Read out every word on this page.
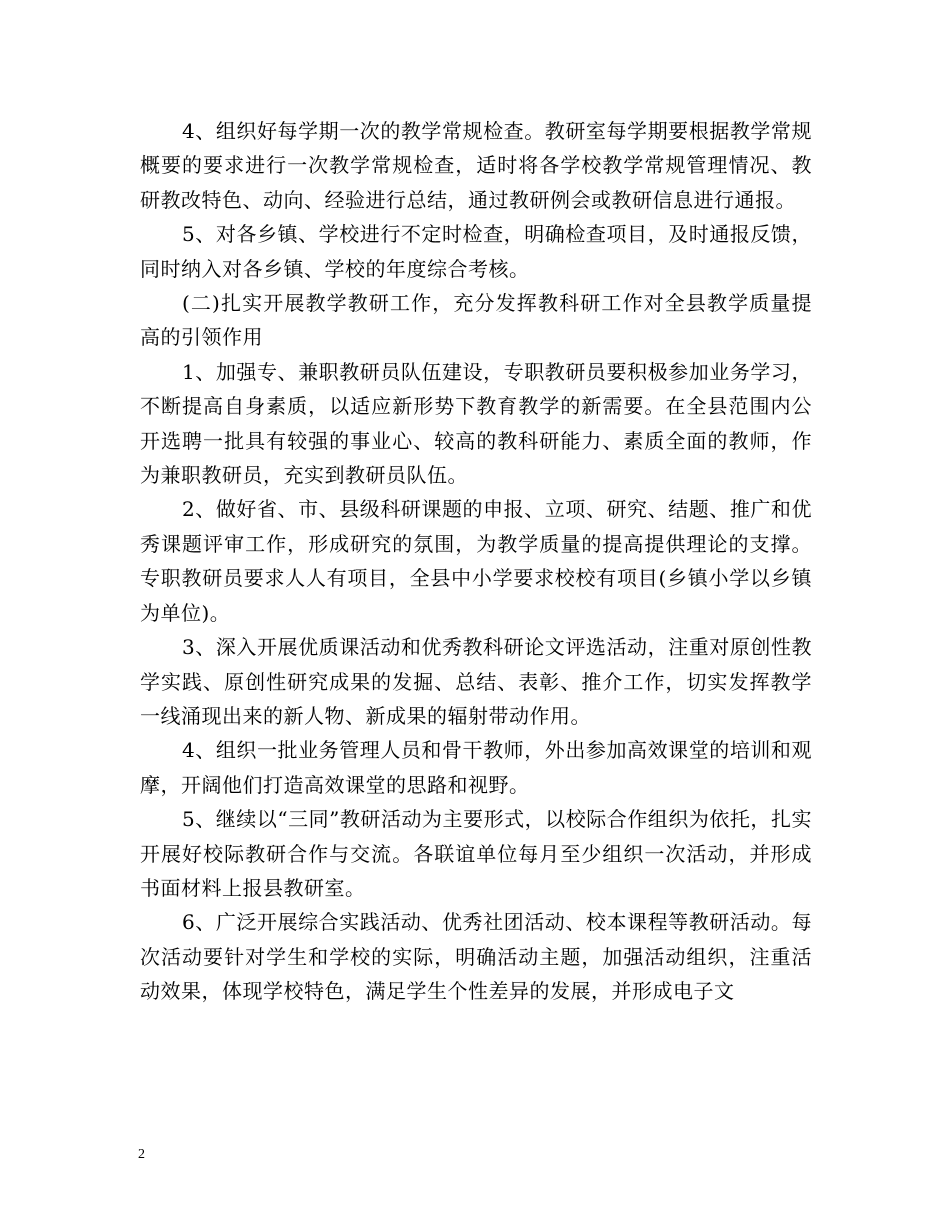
4、组织好每学期一次的教学常规检查。教研室每学期要根据教学常规概要的要求进行一次教学常规检查，适时将各学校教学常规管理情况、教研教改特色、动向、经验进行总结，通过教研例会或教研信息进行通报。

5、对各乡镇、学校进行不定时检查，明确检查项目，及时通报反馈，同时纳入对各乡镇、学校的年度综合考核。

(二)扎实开展教学教研工作，充分发挥教科研工作对全县教学质量提高的引领作用

1、加强专、兼职教研员队伍建设，专职教研员要积极参加业务学习，不断提高自身素质，以适应新形势下教育教学的新需要。在全县范围内公开选聘一批具有较强的事业心、较高的教科研能力、素质全面的教师，作为兼职教研员，充实到教研员队伍。

2、做好省、市、县级科研课题的申报、立项、研究、结题、推广和优秀课题评审工作，形成研究的氛围，为教学质量的提高提供理论的支撑。专职教研员要求人人有项目，全县中小学要求校校有项目(乡镇小学以乡镇为单位)。

3、深入开展优质课活动和优秀教科研论文评选活动，注重对原创性教学实践、原创性研究成果的发掘、总结、表彰、推介工作，切实发挥教学一线涌现出来的新人物、新成果的辐射带动作用。

4、组织一批业务管理人员和骨干教师，外出参加高效课堂的培训和观摩，开阔他们打造高效课堂的思路和视野。

5、继续以“三同”教研活动为主要形式，以校际合作组织为依托，扎实开展好校际教研合作与交流。各联谊单位每月至少组织一次活动，并形成书面材料上报县教研室。

6、广泛开展综合实践活动、优秀社团活动、校本课程等教研活动。每次活动要针对学生和学校的实际，明确活动主题，加强活动组织，注重活动效果，体现学校特色，满足学生个性差异的发展，并形成电子文

2
